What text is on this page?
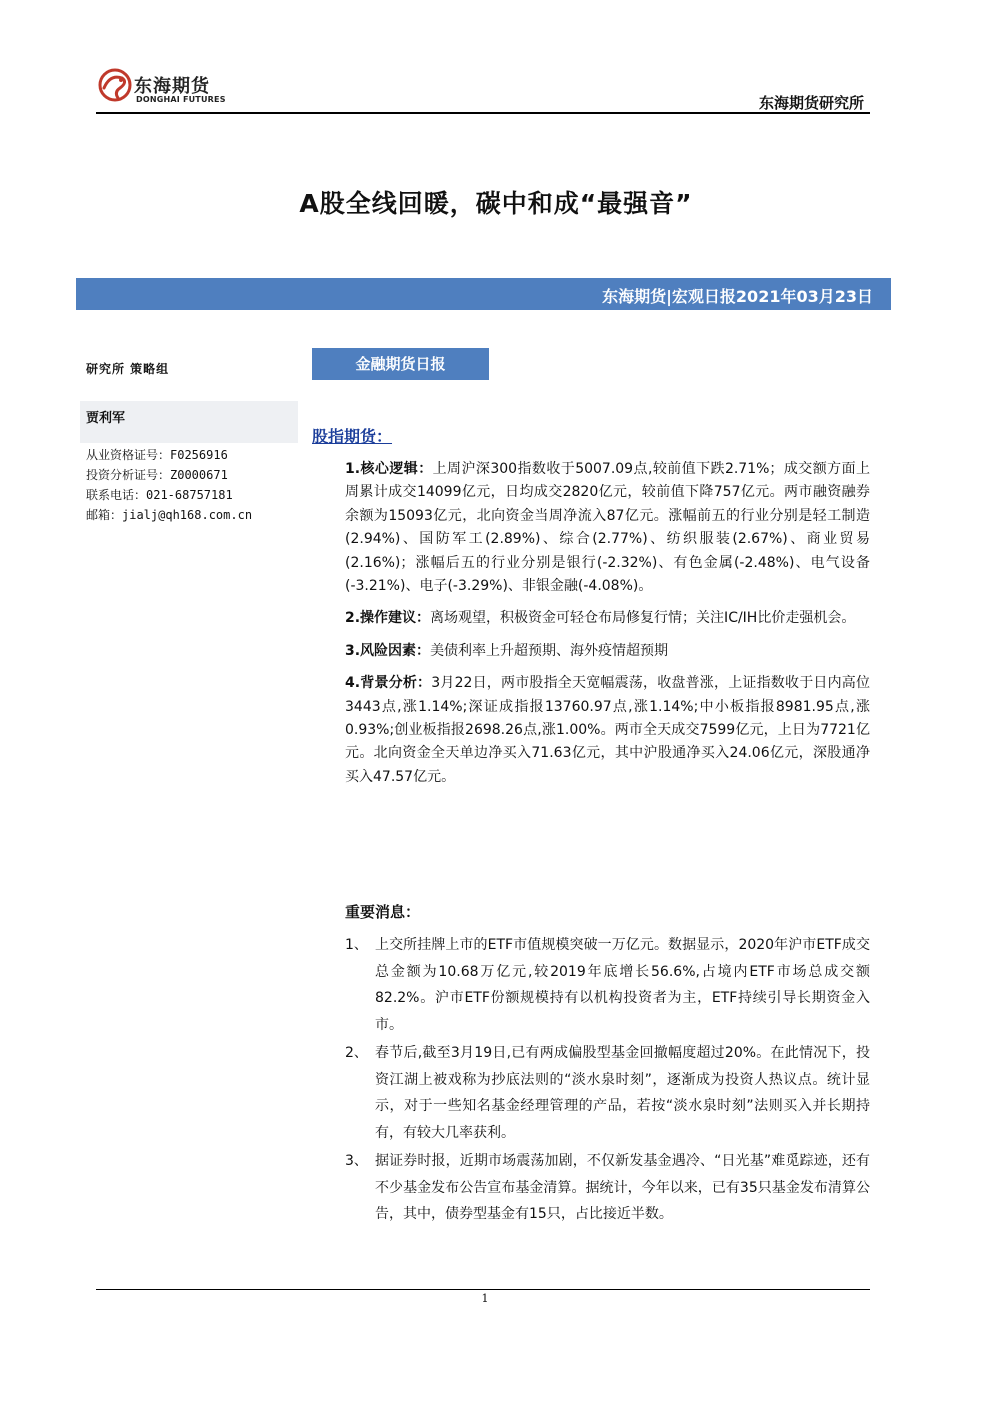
东海期货
DONGHAI FUTURES	东海期货研究所
A股全线回暖，碳中和成“最强音”
东海期货|宏观日报2021年03月23日
研究所 策略组
贾利军
从业资格证号：F0256916
投资分析证号：Z0000671
联系电话：021-68757181
邮箱：jialj@qh168.com.cn
金融期货日报
股指期货：

1.核心逻辑：上周沪深300指数收于5007.09点,较前值下跌2.71%；成交额方面上周累计成交14099亿元，日均成交2820亿元，较前值下降757亿元。两市融资融券余额为15093亿元，北向资金当周净流入87亿元。涨幅前五的行业分别是轻工制造(2.94%)、国防军工(2.89%)、综合(2.77%)、纺织服装(2.67%)、商业贸易(2.16%)；涨幅后五的行业分别是银行(-2.32%)、有色金属(-2.48%)、电气设备(-3.21%)、电子(-3.29%)、非银金融(-4.08%)。

2.操作建议：离场观望，积极资金可轻仓布局修复行情；关注IC/IH比价走强机会。

3.风险因素：美债利率上升超预期、海外疫情超预期

4.背景分析：3月22日，两市股指全天宽幅震荡，收盘普涨，上证指数收于日内高位3443点,涨1.14%;深证成指报13760.97点,涨1.14%;中小板指报8981.95点,涨0.93%;创业板指报2698.26点,涨1.00%。两市全天成交7599亿元，上日为7721亿元。北向资金全天单边净买入71.63亿元，其中沪股通净买入24.06亿元，深股通净买入47.57亿元。

重要消息：
1、 上交所挂牌上市的ETF市值规模突破一万亿元。数据显示，2020年沪市ETF成交总金额为10.68万亿元,较2019年底增长56.6%,占境内ETF市场总成交额82.2%。沪市ETF份额规模持有以机构投资者为主，ETF持续引导长期资金入市。
2、 春节后,截至3月19日,已有两成偏股型基金回撤幅度超过20%。在此情况下，投资江湖上被戏称为抄底法则的“淡水泉时刻”，逐渐成为投资人热议点。统计显示，对于一些知名基金经理管理的产品，若按“淡水泉时刻”法则买入并长期持有，有较大几率获利。
3、 据证券时报，近期市场震荡加剧，不仅新发基金遇冷、“日光基”难觅踪迹，还有不少基金发布公告宣布基金清算。据统计，今年以来，已有35只基金发布清算公告，其中，债券型基金有15只，占比接近半数。
1
